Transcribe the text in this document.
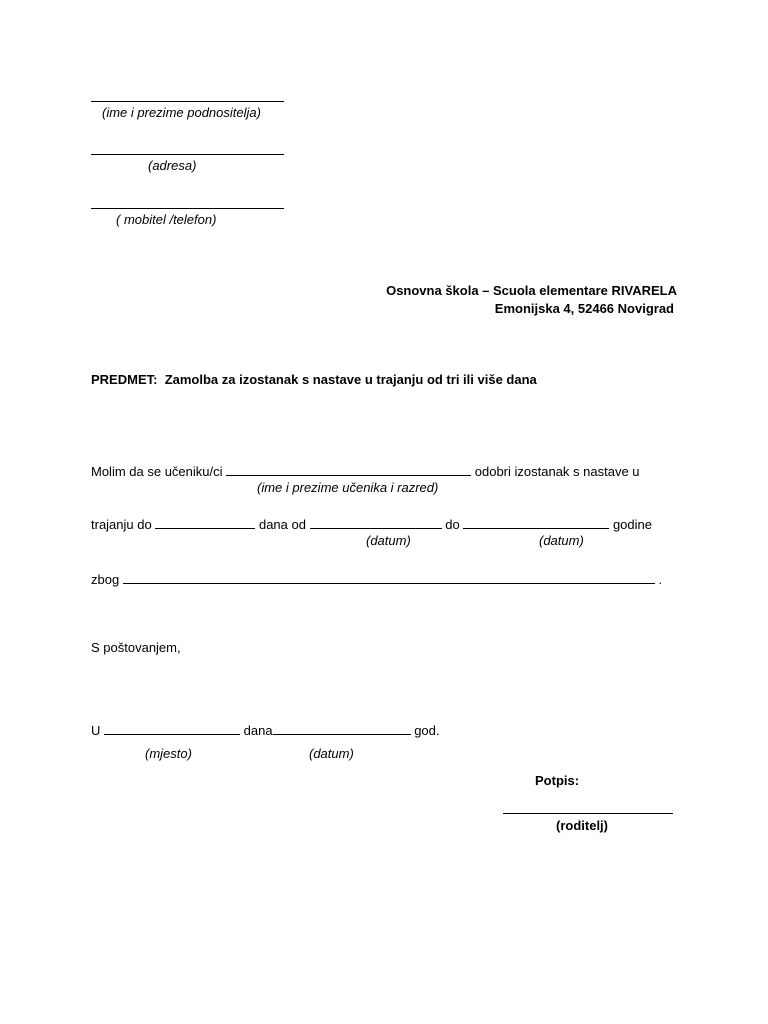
(ime i prezime podnositelja)
(adresa)
( mobitel /telefon)
Osnovna škola – Scuola elementare RIVARELA
Emonijska 4, 52466 Novigrad
PREDMET: Zamolba za izostanak s nastave u trajanju od tri ili više dana
Molim da se učeniku/ci	odobri izostanak s nastave u
(ime i prezime učenika i razred)
trajanju do	dana od	do	godine
(datum)	(datum)
zbog	.
S poštovanjem,
U	dana	god.
(mjesto)	(datum)
Potpis:
(roditelj)
